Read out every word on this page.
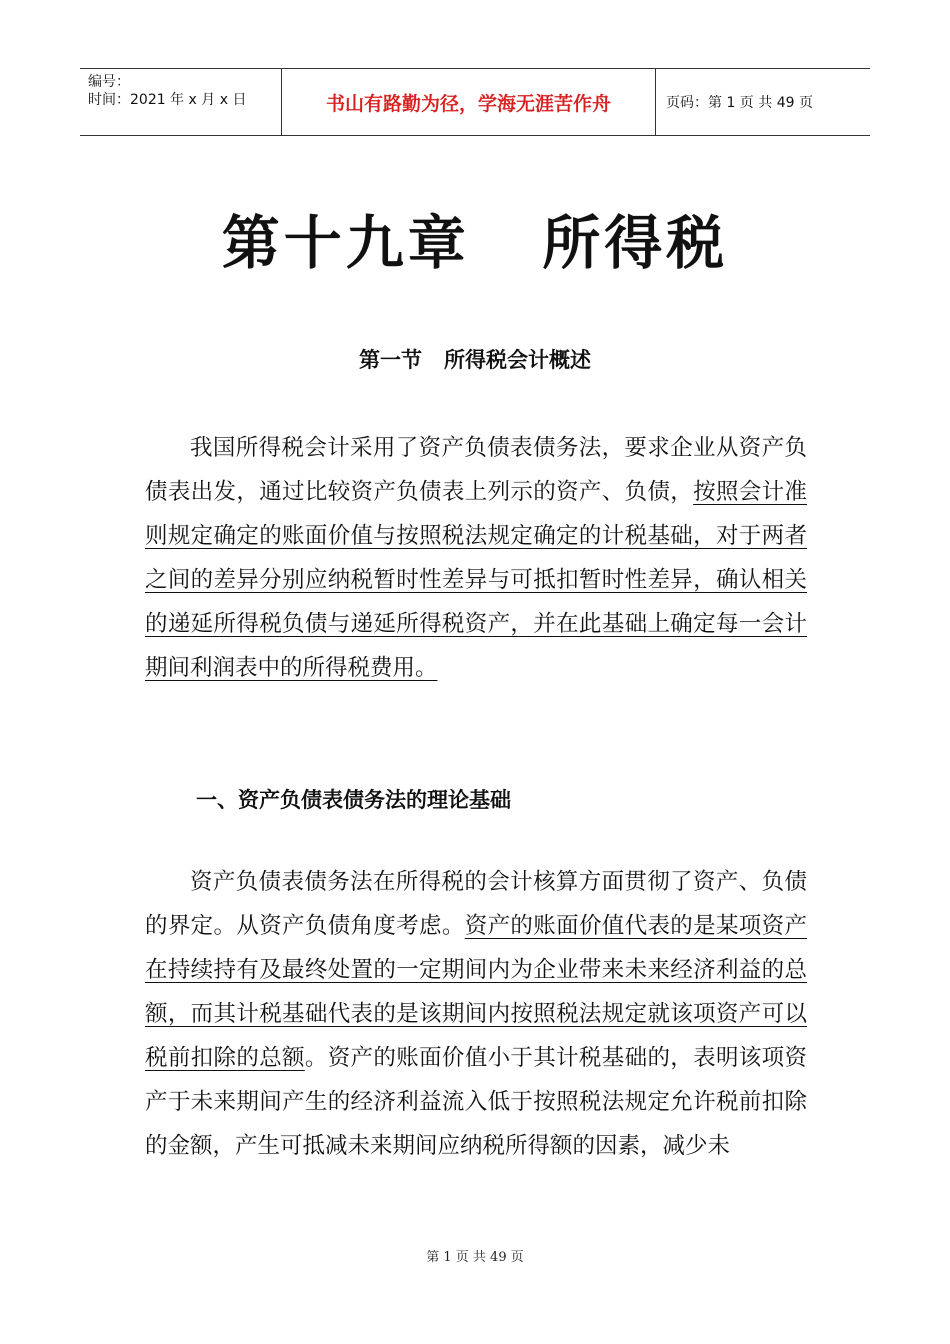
编号：
时间：2021 年 x 月 x 日	书山有路勤为径，学海无涯苦作舟	页码：第 1 页 共 49 页
第十九章   所得税
第一节   所得税会计概述

我国所得税会计采用了资产负债表债务法，要求企业从资产负债表出发，通过比较资产负债表上列示的资产、负债，按照会计准则规定确定的账面价值与按照税法规定确定的计税基础，对于两者之间的差异分别应纳税暂时性差异与可抵扣暂时性差异，确认相关的递延所得税负债与递延所得税资产，并在此基础上确定每一会计期间利润表中的所得税费用。

一、资产负债表债务法的理论基础

资产负债表债务法在所得税的会计核算方面贯彻了资产、负债的界定。从资产负债角度考虑。资产的账面价值代表的是某项资产在持续持有及最终处置的一定期间内为企业带来未来经济利益的总额，而其计税基础代表的是该期间内按照税法规定就该项资产可以税前扣除的总额。资产的账面价值小于其计税基础的，表明该项资产于未来期间产生的经济利益流入低于按照税法规定允许税前扣除的金额，产生可抵减未来期间应纳税所得额的因素，减少未

第 1 页 共 49 页
